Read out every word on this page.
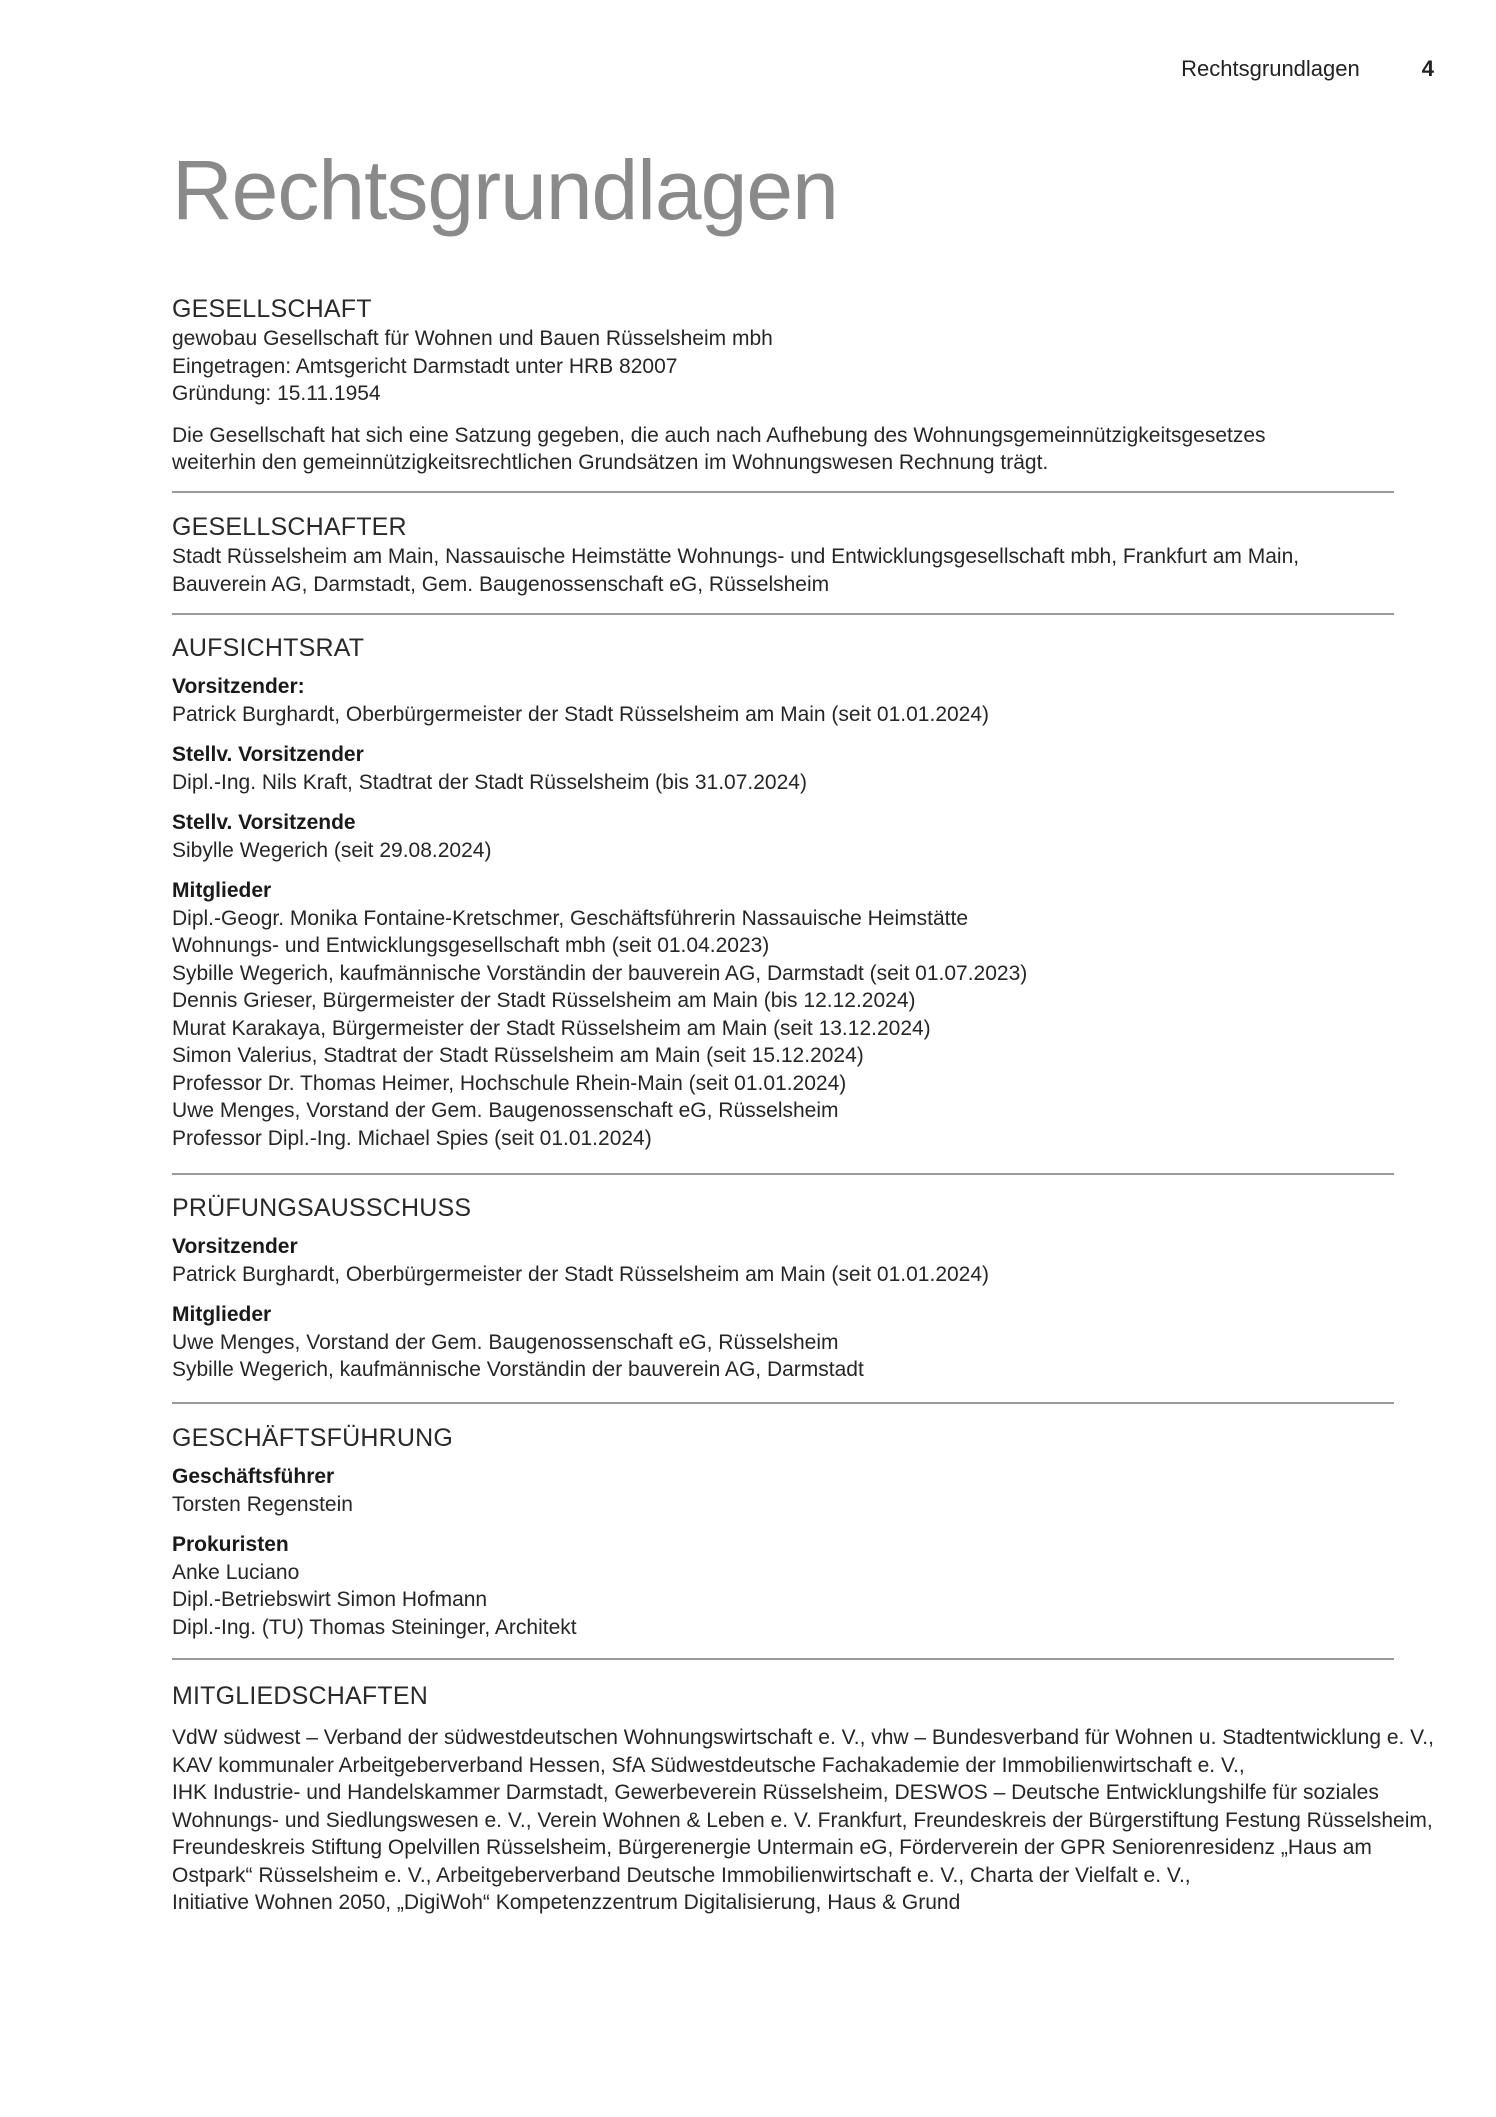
Rechtsgrundlagen	4
Rechtsgrundlagen
GESELLSCHAFT
gewobau Gesellschaft für Wohnen und Bauen Rüsselsheim mbh
Eingetragen: Amtsgericht Darmstadt unter HRB 82007
Gründung: 15.11.1954
Die Gesellschaft hat sich eine Satzung gegeben, die auch nach Aufhebung des Wohnungsgemeinnützigkeitsgesetzes
weiterhin den gemeinnützigkeitsrechtlichen Grundsätzen im Wohnungswesen Rechnung trägt.
GESELLSCHAFTER
Stadt Rüsselsheim am Main, Nassauische Heimstätte Wohnungs- und Entwicklungsgesellschaft mbh, Frankfurt am Main,
Bauverein AG, Darmstadt, Gem. Baugenossenschaft eG, Rüsselsheim
AUFSICHTSRAT
Vorsitzender:
Patrick Burghardt, Oberbürgermeister der Stadt Rüsselsheim am Main (seit 01.01.2024)
Stellv. Vorsitzender
Dipl.-Ing. Nils Kraft, Stadtrat der Stadt Rüsselsheim (bis 31.07.2024)
Stellv. Vorsitzende
Sibylle Wegerich (seit 29.08.2024)
Mitglieder
Dipl.-Geogr. Monika Fontaine-Kretschmer, Geschäftsführerin Nassauische Heimstätte
Wohnungs- und Entwicklungsgesellschaft mbh (seit 01.04.2023)
Sybille Wegerich, kaufmännische Vorständin der bauverein AG, Darmstadt (seit 01.07.2023)
Dennis Grieser, Bürgermeister der Stadt Rüsselsheim am Main (bis 12.12.2024)
Murat Karakaya, Bürgermeister der Stadt Rüsselsheim am Main (seit 13.12.2024)
Simon Valerius, Stadtrat der Stadt Rüsselsheim am Main (seit 15.12.2024)
Professor Dr. Thomas Heimer, Hochschule Rhein-Main (seit 01.01.2024)
Uwe Menges, Vorstand der Gem. Baugenossenschaft eG, Rüsselsheim
Professor Dipl.-Ing. Michael Spies (seit 01.01.2024)
PRÜFUNGSAUSSCHUSS
Vorsitzender
Patrick Burghardt, Oberbürgermeister der Stadt Rüsselsheim am Main (seit 01.01.2024)
Mitglieder
Uwe Menges, Vorstand der Gem. Baugenossenschaft eG, Rüsselsheim
Sybille Wegerich, kaufmännische Vorständin der bauverein AG, Darmstadt
GESCHÄFTSFÜHRUNG
Geschäftsführer
Torsten Regenstein
Prokuristen
Anke Luciano
Dipl.-Betriebswirt Simon Hofmann
Dipl.-Ing. (TU) Thomas Steininger, Architekt
MITGLIEDSCHAFTEN
VdW südwest – Verband der südwestdeutschen Wohnungswirtschaft e. V., vhw – Bundesverband für Wohnen u. Stadtentwicklung e. V.,
KAV kommunaler Arbeitgeberverband Hessen, SfA Südwestdeutsche Fachakademie der Immobilienwirtschaft e. V.,
IHK Industrie- und Handelskammer Darmstadt, Gewerbeverein Rüsselsheim, DESWOS – Deutsche Entwicklungshilfe für soziales
Wohnungs- und Siedlungswesen e. V., Verein Wohnen & Leben e. V. Frankfurt, Freundeskreis der Bürgerstiftung Festung Rüsselsheim,
Freundeskreis Stiftung Opelvillen Rüsselsheim, Bürgerenergie Untermain eG, Förderverein der GPR Seniorenresidenz „Haus am
Ostpark“ Rüsselsheim e. V., Arbeitgeberverband Deutsche Immobilienwirtschaft e. V., Charta der Vielfalt e. V.,
Initiative Wohnen 2050, „DigiWoh“ Kompetenzzentrum Digitalisierung, Haus & Grund
